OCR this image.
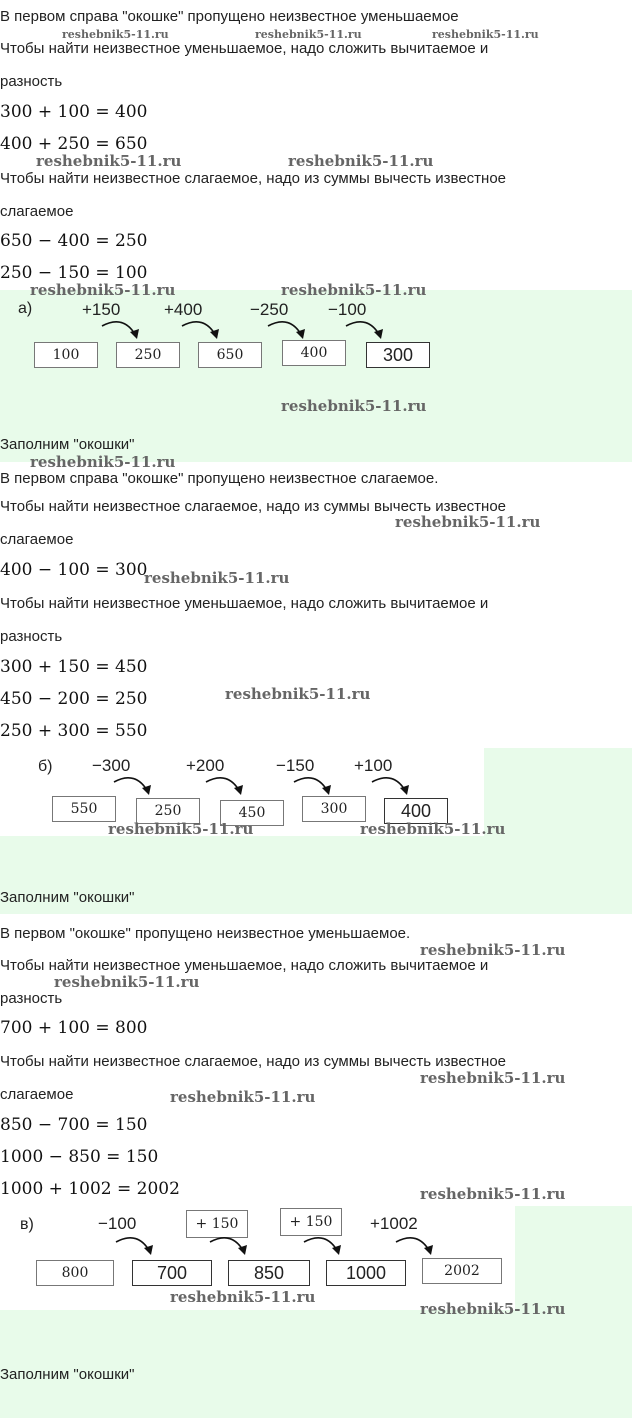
В первом справа "окошке" пропущено неизвестное уменьшаемое
Чтобы найти неизвестное уменьшаемое, надо сложить вычитаемое и
разность
300 + 100 = 400
400 + 250 = 650
Чтобы найти неизвестное слагаемое, надо из суммы вычесть известное
слагаемое
650 − 400 = 250
250 − 150 = 100
а)	+150	+400	−250 −100
100	250	650	400	300
Заполним "окошки"
В первом справа "окошке" пропущено неизвестное слагаемое.
Чтобы найти неизвестное слагаемое, надо из суммы вычесть известное
слагаемое
400 − 100 = 300
Чтобы найти неизвестное уменьшаемое, надо сложить вычитаемое и
разность
300 + 150 = 450
450 − 200 = 250
250 + 300 = 550
б) −300	+200	−150 +100
550	250	450	300	400
Заполним "окошки"
В первом "окошке" пропущено неизвестное уменьшаемое.
Чтобы найти неизвестное уменьшаемое, надо сложить вычитаемое и
разность
700 + 100 = 800
Чтобы найти неизвестное слагаемое, надо из суммы вычесть известное
слагаемое
850 − 700 = 150
1000 − 850 = 150
1000 + 1002 = 2002
в)	−100	+ 150	+ 150	+1002
800	700	850	1000	2002
Заполним "окошки"
reshebnik5-11.ru	reshebnik5-11.ru	reshebnik5-11.ru
reshebnik5-11.ru	reshebnik5-11.ru
reshebnik5-11.ru	reshebnik5-11.ru
reshebnik5-11.ru
reshebnik5-11.ru
reshebnik5-11.ru
reshebnik5-11.ru
reshebnik5-11.ru
reshebnik5-11.ru	reshebnik5-11.ru
reshebnik5-11.ru
reshebnik5-11.ru
reshebnik5-11.ru
reshebnik5-11.ru
reshebnik5-11.ru
reshebnik5-11.ru
reshebnik5-11.ru
